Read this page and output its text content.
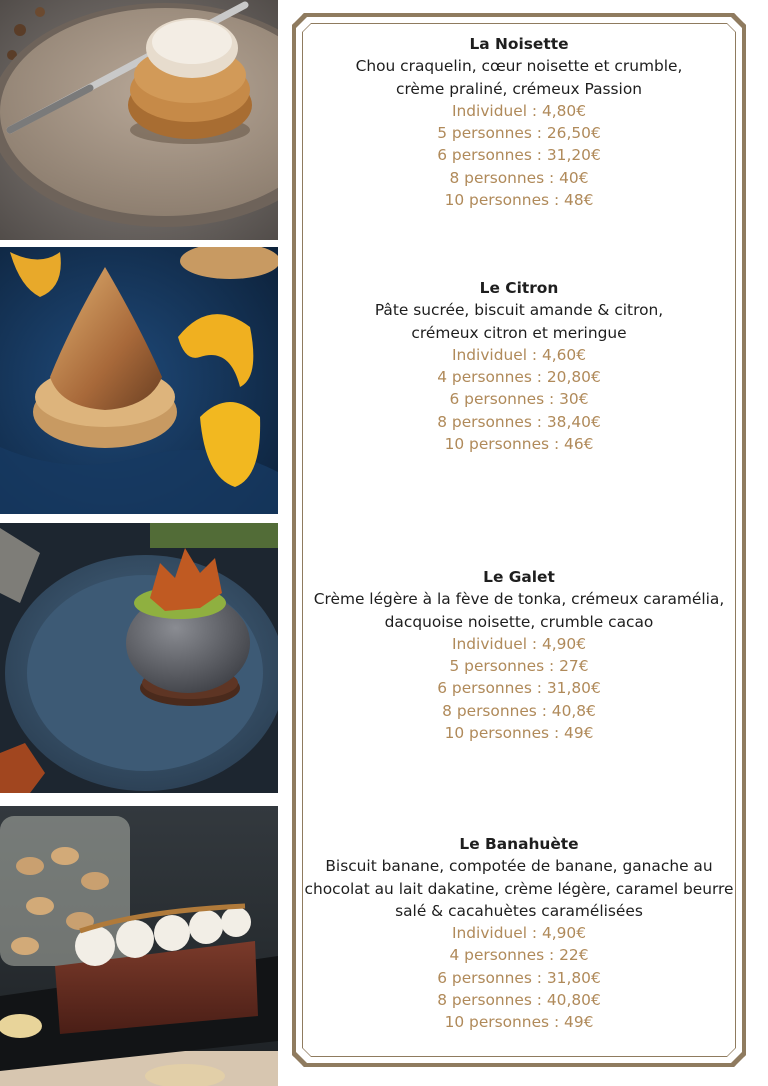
La Noisette
Chou craquelin, cœur noisette et crumble,
crème praliné, crémeux Passion
Individuel : 4,80€
5 personnes : 26,50€
6 personnes : 31,20€
8 personnes : 40€
10 personnes : 48€
Le Citron
Pâte sucrée, biscuit amande & citron,
crémeux citron et meringue
Individuel : 4,60€
4 personnes : 20,80€
6 personnes : 30€
8 personnes : 38,40€
10 personnes : 46€
Le Galet
Crème légère à la fève de tonka, crémeux caramélia,
dacquoise noisette, crumble cacao
Individuel : 4,90€
5 personnes : 27€
6 personnes : 31,80€
8 personnes : 40,8€
10 personnes : 49€
Le Banahuète
Biscuit banane, compotée de banane, ganache au
chocolat au lait dakatine, crème légère, caramel beurre
salé & cacahuètes caramélisées
Individuel : 4,90€
4 personnes : 22€
6 personnes : 31,80€
8 personnes : 40,80€
10 personnes : 49€
